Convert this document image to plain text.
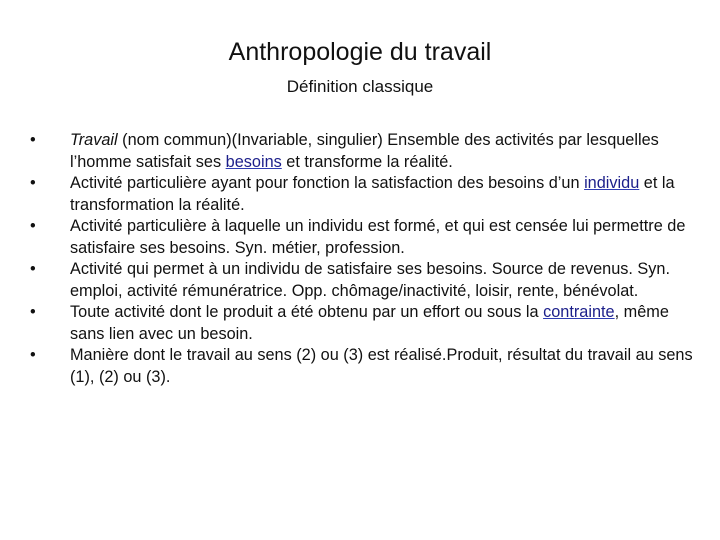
Anthropologie du travail
Définition classique
•	Travail (nom commun)(Invariable, singulier) Ensemble des activités par lesquelles l’homme satisfait ses besoins et transforme la réalité.
•	Activité particulière ayant pour fonction la satisfaction des besoins d’un individu et la transformation la réalité.
•	Activité particulière à laquelle un individu est formé, et qui est censée lui permettre de satisfaire ses besoins. Syn. métier, profession.
•	Activité qui permet à un individu de satisfaire ses besoins. Source de revenus. Syn. emploi, activité rémunératrice. Opp. chômage/inactivité, loisir, rente, bénévolat.
•	Toute activité dont le produit a été obtenu par un effort ou sous la contrainte, même sans lien avec un besoin.
•	Manière dont le travail au sens (2) ou (3) est réalisé.Produit, résultat du travail au sens (1), (2) ou (3).
